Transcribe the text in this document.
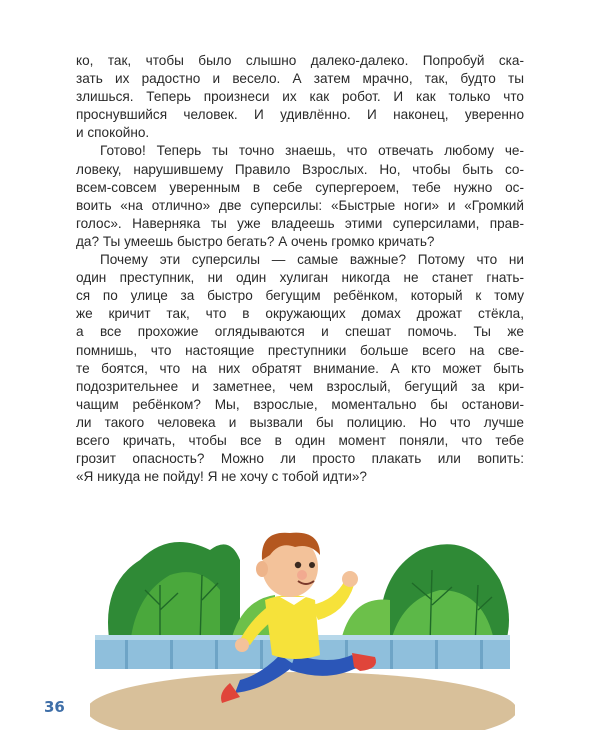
ко, так, чтобы было слышно далеко-далеко. Попробуй ска-
зать их радостно и весело. А затем мрачно, так, будто ты
злишься. Теперь произнеси их как робот. И как только что
проснувшийся человек. И удивлённо. И наконец, уверенно
и спокойно.
Готово! Теперь ты точно знаешь, что отвечать любому че-
ловеку, нарушившему Правило Взрослых. Но, чтобы быть со-
всем-совсем уверенным в себе супергероем, тебе нужно ос-
воить «на отлично» две суперсилы: «Быстрые ноги» и «Громкий
голос». Наверняка ты уже владеешь этими суперсилами, прав-
да? Ты умеешь быстро бегать? А очень громко кричать?
Почему эти суперсилы — самые важные? Потому что ни
один преступник, ни один хулиган никогда не станет гнать-
ся по улице за быстро бегущим ребёнком, который к тому
же кричит так, что в окружающих домах дрожат стёкла,
а все прохожие оглядываются и спешат помочь. Ты же
помнишь, что настоящие преступники больше всего на све-
те боятся, что на них обратят внимание. А кто может быть
подозрительнее и заметнее, чем взрослый, бегущий за кри-
чащим ребёнком? Мы, взрослые, моментально бы останови-
ли такого человека и вызвали бы полицию. Но что лучше
всего кричать, чтобы все в один момент поняли, что тебе
грозит опасность? Можно ли просто плакать или вопить:
«Я никуда не пойду! Я не хочу с тобой идти»?
36
